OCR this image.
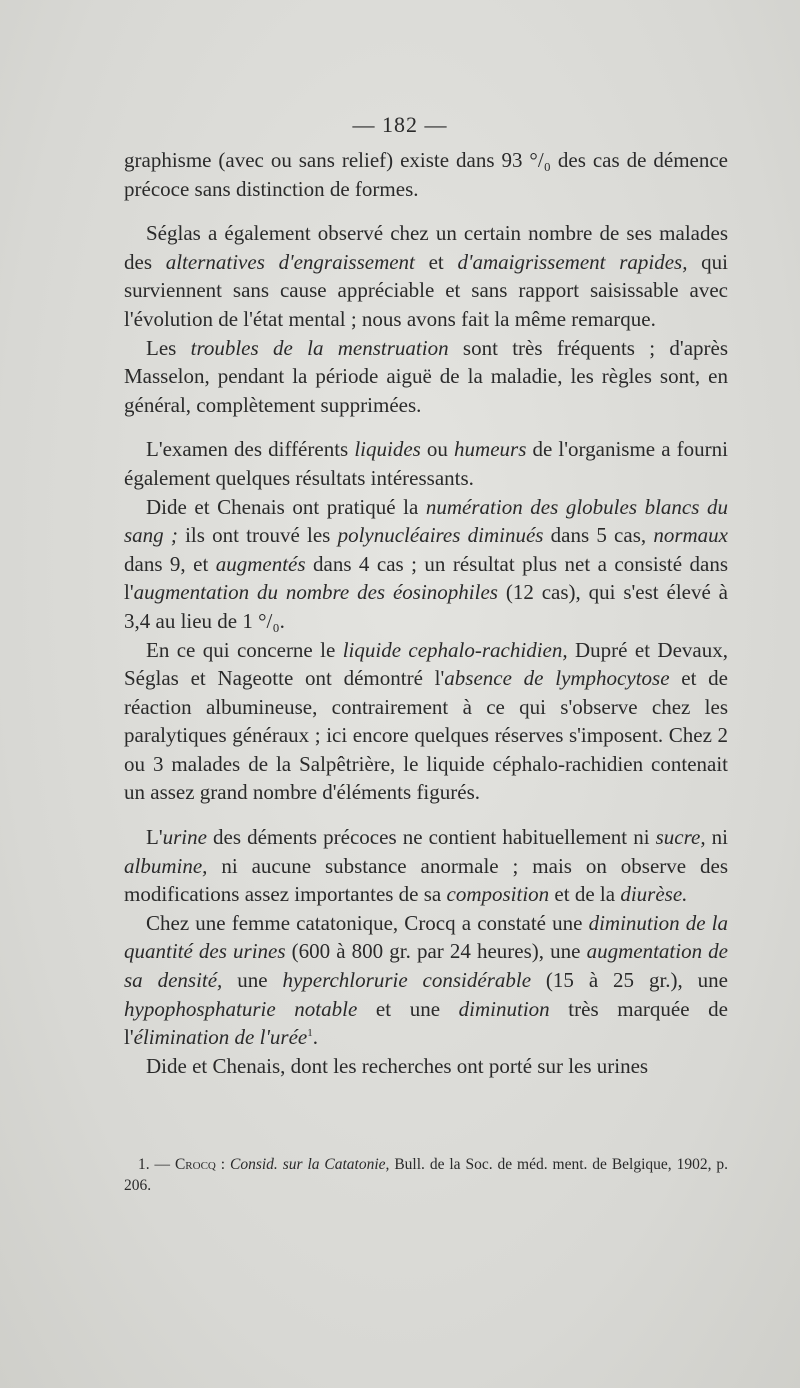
— 182 —

graphisme (avec ou sans relief) existe dans 93 °/₀ des cas de démence précoce sans distinction de formes.

Séglas a également observé chez un certain nombre de ses malades des alternatives d'engraissement et d'amaigrissement rapides, qui surviennent sans cause appréciable et sans rapport saisissable avec l'évolution de l'état mental ; nous avons fait la même remarque.

Les troubles de la menstruation sont très fréquents ; d'après Masselon, pendant la période aiguë de la maladie, les règles sont, en général, complètement supprimées.

L'examen des différents liquides ou humeurs de l'organisme a fourni également quelques résultats intéressants.

Dide et Chenais ont pratiqué la numération des globules blancs du sang ; ils ont trouvé les polynucléaires diminués dans 5 cas, normaux dans 9, et augmentés dans 4 cas ; un résultat plus net a consisté dans l'augmentation du nombre des éosinophiles (12 cas), qui s'est élevé à 3,4 au lieu de 1 °/₀.

En ce qui concerne le liquide cephalo-rachidien, Dupré et Devaux, Séglas et Nageotte ont démontré l'absence de lymphocytose et de réaction albumineuse, contrairement à ce qui s'observe chez les paralytiques généraux ; ici encore quelques réserves s'imposent. Chez 2 ou 3 malades de la Salpêtrière, le liquide céphalo-rachidien contenait un assez grand nombre d'éléments figurés.

L'urine des déments précoces ne contient habituellement ni sucre, ni albumine, ni aucune substance anormale ; mais on observe des modifications assez importantes de sa composition et de la diurèse.

Chez une femme catatonique, Crocq a constaté une diminution de la quantité des urines (600 à 800 gr. par 24 heures), une augmentation de sa densité, une hyperchlorurie considérable (15 à 25 gr.), une hypophosphaturie notable et une diminution très marquée de l'élimination de l'urée$^1$.

Dide et Chenais, dont les recherches ont porté sur les urines

1. — Crocq : Consid. sur la Catatonie, Bull. de la Soc. de méd. ment. de Belgique, 1902, p. 206.
